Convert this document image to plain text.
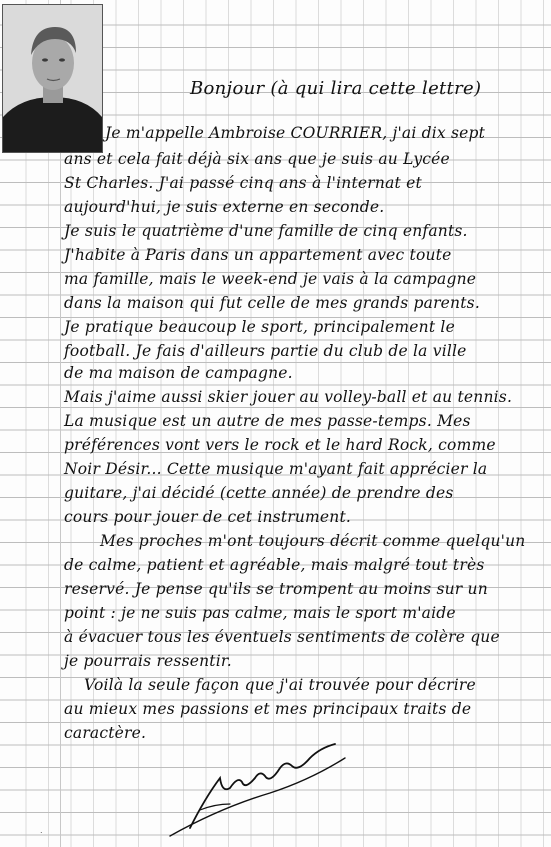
Bonjour (à qui lira cette lettre)
Je m'appelle Ambroise COURRIER, j'ai dix sept
ans et cela fait déjà six ans que je suis au Lycée
St Charles. J'ai passé cinq ans à l'internat et
aujourd'hui, je suis externe en seconde.
Je suis le quatrième d'une famille de cinq enfants.
J'habite à Paris dans un appartement avec toute
ma famille, mais le week-end je vais à la campagne
dans la maison qui fut celle de mes grands parents.
Je pratique beaucoup le sport, principalement le
football. Je fais d'ailleurs partie du club de la ville
de ma maison de campagne.
Mais j'aime aussi skier jouer au volley-ball et au tennis.
La musique est un autre de mes passe-temps. Mes
préférences vont vers le rock et le hard Rock, comme
Noir Désir... Cette musique m'ayant fait apprécier la
guitare, j'ai décidé (cette année) de prendre des
cours pour jouer de cet instrument.
Mes proches m'ont toujours décrit comme quelqu'un
de calme, patient et agréable, mais malgré tout très
reservé. Je pense qu'ils se trompent au moins sur un
point : je ne suis pas calme, mais le sport m'aide
à évacuer tous les éventuels sentiments de colère que
je pourrais ressentir.
Voilà la seule façon que j'ai trouvée pour décrire
au mieux mes passions et mes principaux traits de
caractère.
.
